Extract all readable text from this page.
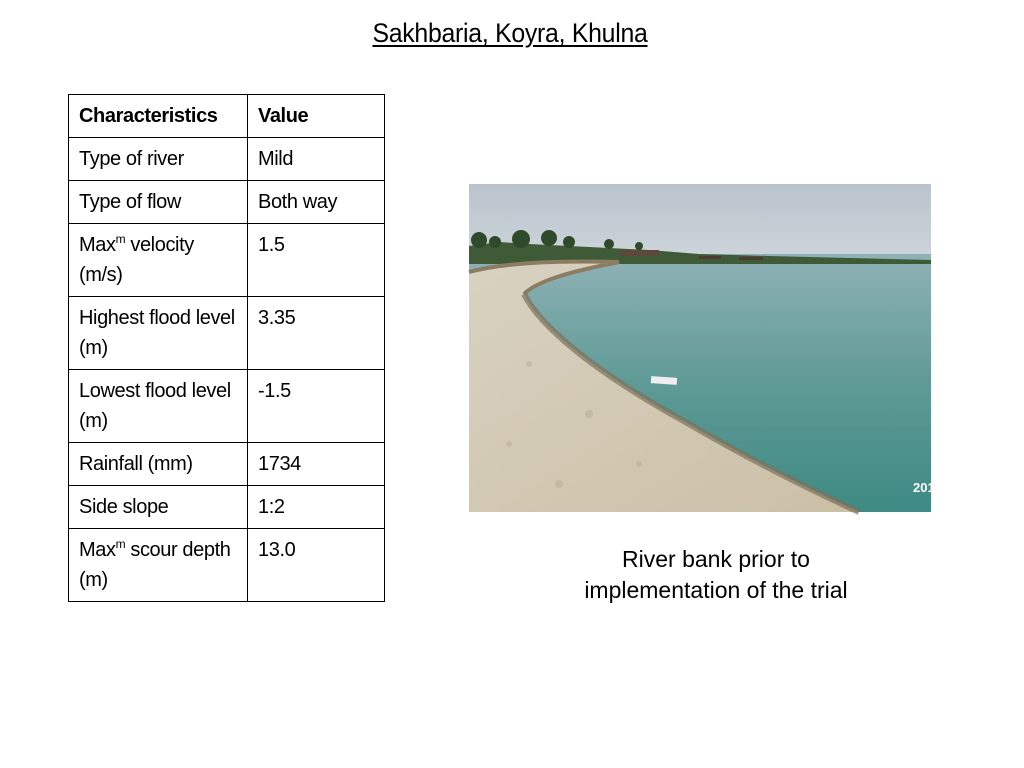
Sakhbaria, Koyra, Khulna
Characteristics	Value
Type of river	Mild
Type of flow	Both way
Max$^m$ velocity (m/s)	1.5
Highest flood level (m)	3.35
Lowest flood level (m)	-1.5
Rainfall (mm)	1734
Side slope	1:2
Max$^m$ scour depth (m)	13.0
201
River bank prior to implementation of the trial
